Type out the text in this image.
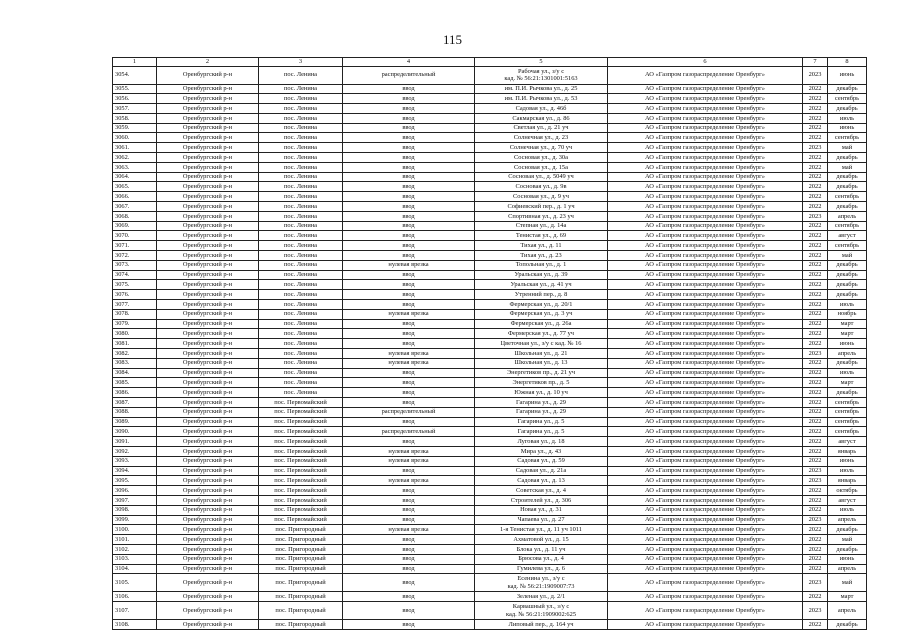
115
1	2	3	4	5	6	7	8
3054.	Оренбургский р-н	пос. Ленина	распределительный	Рабочая ул., з/у с
кад. № 56:21:1301001:5163	АО «Газпром газораспределение Оренбург»	2023	июнь
3055.	Оренбургский р-н	пос. Ленина	ввод	им. П.И. Рычкова ул., д. 25	АО «Газпром газораспределение Оренбург»	2022	декабрь
3056.	Оренбургский р-н	пос. Ленина	ввод	им. П.И. Рычкова ул., д. 53	АО «Газпром газораспределение Оренбург»	2022	сентябрь
3057.	Оренбургский р-н	пос. Ленина	ввод	Садовая ул., д. 46б	АО «Газпром газораспределение Оренбург»	2022	декабрь
3058.	Оренбургский р-н	пос. Ленина	ввод	Сакмарская ул., д. 86	АО «Газпром газораспределение Оренбург»	2022	июль
3059.	Оренбургский р-н	пос. Ленина	ввод	Светлая ул., д. 21 уч	АО «Газпром газораспределение Оренбург»	2022	июнь
3060.	Оренбургский р-н	пос. Ленина	ввод	Солнечная ул., д. 23	АО «Газпром газораспределение Оренбург»	2022	сентябрь
3061.	Оренбургский р-н	пос. Ленина	ввод	Солнечная ул., д. 70 уч	АО «Газпром газораспределение Оренбург»	2023	май
3062.	Оренбургский р-н	пос. Ленина	ввод	Сосновая ул., д. 30а	АО «Газпром газораспределение Оренбург»	2022	декабрь
3063.	Оренбургский р-н	пос. Ленина	ввод	Сосновая ул., д. 15а	АО «Газпром газораспределение Оренбург»	2022	май
3064.	Оренбургский р-н	пос. Ленина	ввод	Сосновая ул., д. 5049 уч	АО «Газпром газораспределение Оренбург»	2022	декабрь
3065.	Оренбургский р-н	пос. Ленина	ввод	Сосновая ул., д. 9в	АО «Газпром газораспределение Оренбург»	2022	декабрь
3066.	Оренбургский р-н	пос. Ленина	ввод	Сосновая ул., д. 9 уч	АО «Газпром газораспределение Оренбург»	2022	сентябрь
3067.	Оренбургский р-н	пос. Ленина	ввод	Софиевский пер., д. 1 уч	АО «Газпром газораспределение Оренбург»	2022	декабрь
3068.	Оренбургский р-н	пос. Ленина	ввод	Спортивная ул., д. 23 уч	АО «Газпром газораспределение Оренбург»	2023	апрель
3069.	Оренбургский р-н	пос. Ленина	ввод	Степная ул., д. 14а	АО «Газпром газораспределение Оренбург»	2022	сентябрь
3070.	Оренбургский р-н	пос. Ленина	ввод	Тенистая ул., д. 69	АО «Газпром газораспределение Оренбург»	2022	август
3071.	Оренбургский р-н	пос. Ленина	ввод	Тихая ул., д. 11	АО «Газпром газораспределение Оренбург»	2022	сентябрь
3072.	Оренбургский р-н	пос. Ленина	ввод	Тихая ул., д. 23	АО «Газпром газораспределение Оренбург»	2022	май
3073.	Оренбургский р-н	пос. Ленина	нулевая врезка	Топольная ул., д. 1	АО «Газпром газораспределение Оренбург»	2022	декабрь
3074.	Оренбургский р-н	пос. Ленина	ввод	Уральская ул., д. 39	АО «Газпром газораспределение Оренбург»	2022	декабрь
3075.	Оренбургский р-н	пос. Ленина	ввод	Уральская ул., д. 41 уч	АО «Газпром газораспределение Оренбург»	2022	декабрь
3076.	Оренбургский р-н	пос. Ленина	ввод	Утренний пер., д. 8	АО «Газпром газораспределение Оренбург»	2022	декабрь
3077.	Оренбургский р-н	пос. Ленина	ввод	Фермерская ул., д. 20/1	АО «Газпром газораспределение Оренбург»	2022	июль
3078.	Оренбургский р-н	пос. Ленина	нулевая врезка	Фермерская ул., д. 3 уч	АО «Газпром газораспределение Оренбург»	2022	ноябрь
3079.	Оренбургский р-н	пос. Ленина	ввод	Фермерская ул., д. 26а	АО «Газпром газораспределение Оренбург»	2022	март
3080.	Оренбургский р-н	пос. Ленина	ввод	Фермерская ул., д. 77 уч	АО «Газпром газораспределение Оренбург»	2022	март
3081.	Оренбургский р-н	пос. Ленина	ввод	Цветочная ул., з/у с кад. № 16	АО «Газпром газораспределение Оренбург»	2022	июнь
3082.	Оренбургский р-н	пос. Ленина	нулевая врезка	Школьная ул., д. 21	АО «Газпром газораспределение Оренбург»	2023	апрель
3083.	Оренбургский р-н	пос. Ленина	нулевая врезка	Школьная ул., д. 13	АО «Газпром газораспределение Оренбург»	2022	декабрь
3084.	Оренбургский р-н	пос. Ленина	ввод	Энергетиков пр., д. 21 уч	АО «Газпром газораспределение Оренбург»	2022	июль
3085.	Оренбургский р-н	пос. Ленина	ввод	Энергетиков пр., д. 5	АО «Газпром газораспределение Оренбург»	2022	март
3086.	Оренбургский р-н	пос. Ленина	ввод	Южная ул., д. 10 уч	АО «Газпром газораспределение Оренбург»	2022	декабрь
3087.	Оренбургский р-н	пос. Первомайский	ввод	Гагарина ул., д. 29	АО «Газпром газораспределение Оренбург»	2022	сентябрь
3088.	Оренбургский р-н	пос. Первомайский	распределительный	Гагарина ул., д. 29	АО «Газпром газораспределение Оренбург»	2022	сентябрь
3089.	Оренбургский р-н	пос. Первомайский	ввод	Гагарина ул., д. 5	АО «Газпром газораспределение Оренбург»	2022	сентябрь
3090.	Оренбургский р-н	пос. Первомайский	распределительный	Гагарина ул., д. 5	АО «Газпром газораспределение Оренбург»	2022	сентябрь
3091.	Оренбургский р-н	пос. Первомайский	ввод	Луговая ул., д. 18	АО «Газпром газораспределение Оренбург»	2022	август
3092.	Оренбургский р-н	пос. Первомайский	нулевая врезка	Мира ул., д. 43	АО «Газпром газораспределение Оренбург»	2022	январь
3093.	Оренбургский р-н	пос. Первомайский	нулевая врезка	Садовая ул., д. 59	АО «Газпром газораспределение Оренбург»	2022	июнь
3094.	Оренбургский р-н	пос. Первомайский	ввод	Садовая ул., д. 21а	АО «Газпром газораспределение Оренбург»	2023	июль
3095.	Оренбургский р-н	пос. Первомайский	нулевая врезка	Садовая ул., д. 13	АО «Газпром газораспределение Оренбург»	2023	январь
3096.	Оренбургский р-н	пос. Первомайский	ввод	Советская ул., д. 4	АО «Газпром газораспределение Оренбург»	2022	октябрь
3097.	Оренбургский р-н	пос. Первомайский	ввод	Строителей ул., д. 306	АО «Газпром газораспределение Оренбург»	2022	август
3098.	Оренбургский р-н	пос. Первомайский	ввод	Новая ул., д. 31	АО «Газпром газораспределение Оренбург»	2022	июль
3099.	Оренбургский р-н	пос. Первомайский	ввод	Чапаева ул., д. 27	АО «Газпром газораспределение Оренбург»	2023	апрель
3100.	Оренбургский р-н	пос. Пригородный	нулевая врезка	1-я Тенистая ул., д. 11 уч 1011	АО «Газпром газораспределение Оренбург»	2022	декабрь
3101.	Оренбургский р-н	пос. Пригородный	ввод	Ахматовой ул., д. 15	АО «Газпром газораспределение Оренбург»	2022	май
3102.	Оренбургский р-н	пос. Пригородный	ввод	Блока ул., д. 11 уч	АО «Газпром газораспределение Оренбург»	2022	декабрь
3103.	Оренбургский р-н	пос. Пригородный	ввод	Брюсова ул., д. 4	АО «Газпром газораспределение Оренбург»	2022	июнь
3104.	Оренбургский р-н	пос. Пригородный	ввод	Гумилева ул., д. 6	АО «Газпром газораспределение Оренбург»	2022	апрель
3105.	Оренбургский р-н	пос. Пригородный	ввод	Есенина ул., з/у с
кад. № 56:21:1909007:73	АО «Газпром газораспределение Оренбург»	2023	май
3106.	Оренбургский р-н	пос. Пригородный	ввод	Зеленая ул., д. 2/1	АО «Газпром газораспределение Оренбург»	2022	март
3107.	Оренбургский р-н	пос. Пригородный	ввод	Карвашный ул., з/у с
кад. № 56:21:1909002:625	АО «Газпром газораспределение Оренбург»	2023	апрель
3108.	Оренбургский р-н	пос. Пригородный	ввод	Липовый пер., д. 164 уч	АО «Газпром газораспределение Оренбург»	2022	декабрь
